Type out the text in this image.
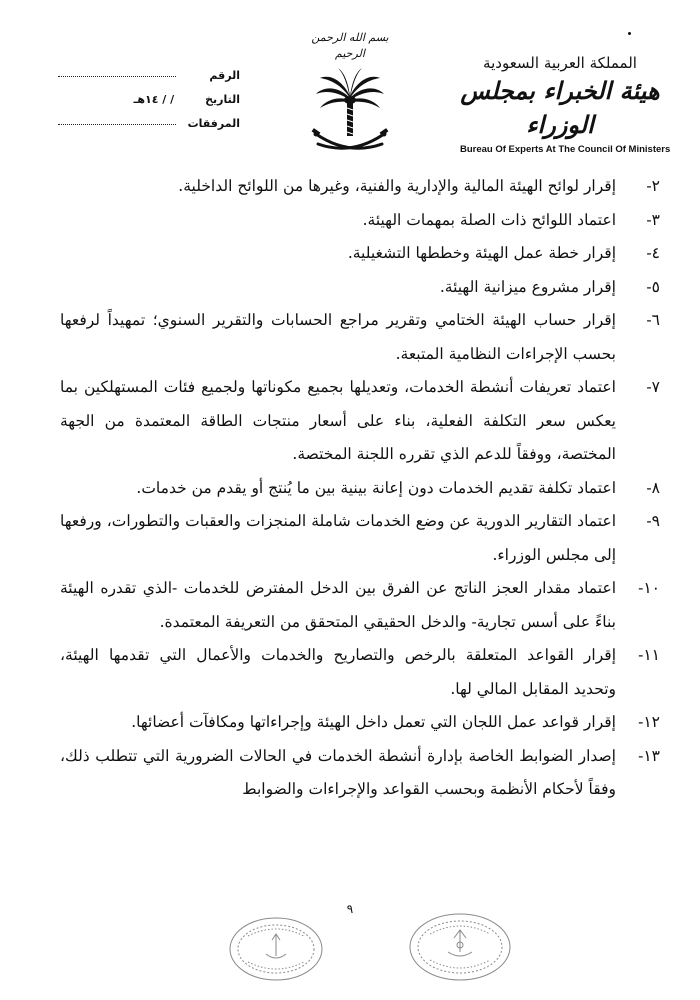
المملكة العربية السعودية
هيئة الخبراء بمجلس الوزراء
Bureau Of Experts At The Council Of Ministers
بسم الله الرحمن الرحيم
الرقم
التاريخ / / ١٤هـ
المرفقات

٢-
إقرار لوائح الهيئة المالية والإدارية والفنية، وغيرها من اللوائح الداخلية.

٣-
اعتماد اللوائح ذات الصلة بمهمات الهيئة.

٤-
إقرار خطة عمل الهيئة وخططها التشغيلية.

٥-
إقرار مشروع ميزانية الهيئة.

٦-
إقرار حساب الهيئة الختامي وتقرير مراجع الحسابات والتقرير السنوي؛ تمهيداً لرفعها بحسب الإجراءات النظامية المتبعة.

٧-
اعتماد تعريفات أنشطة الخدمات، وتعديلها بجميع مكوناتها ولجميع فئات المستهلكين بما يعكس سعر التكلفة الفعلية، بناء على أسعار منتجات الطاقة المعتمدة من الجهة المختصة، ووفقاً للدعم الذي تقرره اللجنة المختصة.

٨-
اعتماد تكلفة تقديم الخدمات دون إعانة بينية بين ما يُنتج أو يقدم من خدمات.

٩-
اعتماد التقارير الدورية عن وضع الخدمات شاملة المنجزات والعقبات والتطورات، ورفعها إلى مجلس الوزراء.

١٠-
اعتماد مقدار العجز الناتج عن الفرق بين الدخل المفترض للخدمات -الذي تقدره الهيئة بناءً على أسس تجارية- والدخل الحقيقي المتحقق من التعريفة المعتمدة.

١١-
إقرار القواعد المتعلقة بالرخص والتصاريح والخدمات والأعمال التي تقدمها الهيئة، وتحديد المقابل المالي لها.

١٢-
إقرار قواعد عمل اللجان التي تعمل داخل الهيئة وإجراءاتها ومكافآت أعضائها.

١٣-
إصدار الضوابط الخاصة بإدارة أنشطة الخدمات في الحالات الضرورية التي تتطلب ذلك، وفقاً لأحكام الأنظمة وبحسب القواعد والإجراءات والضوابط

٩
